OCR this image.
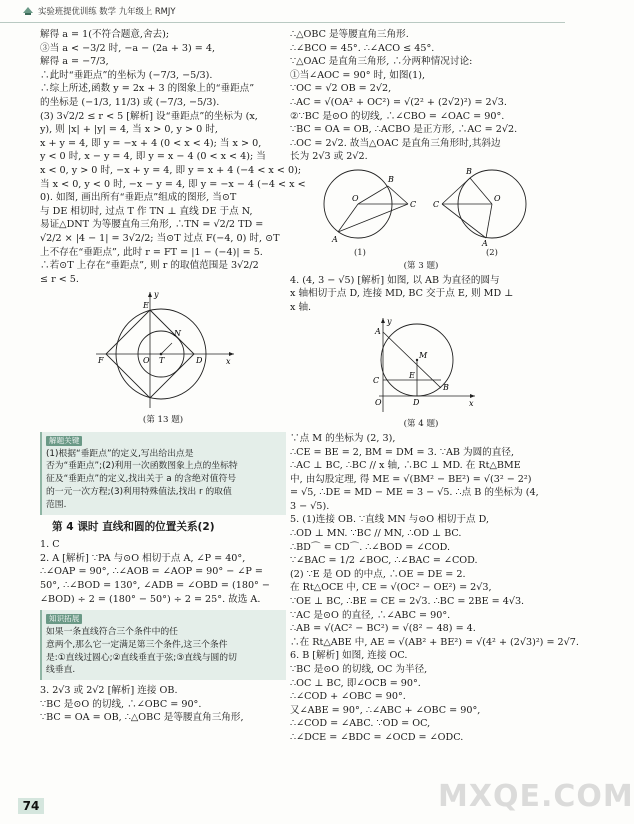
实验班提优训练 数学 九年级上 RMJY
解得 a = 1(不符合题意,舍去);
③当 a < −3/2 时, −a − (2a + 3) = 4,
解得 a = −7/3,
∴此时“垂距点”的坐标为 (−7/3, −5/3).
∴综上所述,函数 y = 2x + 3 的图象上的“垂距点”
的坐标是 (−1/3, 11/3) 或 (−7/3, −5/3).
(3) 3√2/2 ≤ r < 5 [解析] 设“垂距点”的坐标为 (x,
y), 则 |x| + |y| = 4, 当 x > 0, y > 0 时,
x + y = 4, 即 y = −x + 4 (0 < x < 4); 当 x > 0,
y < 0 时, x − y = 4, 即 y = x − 4 (0 < x < 4); 当
x < 0, y > 0 时, −x + y = 4, 即 y = x + 4 (−4 < x < 0);
当 x < 0, y < 0 时, −x − y = 4, 即 y = −x − 4 (−4 < x <
0). 如图, 画出所有“垂距点”组成的图形, 当⊙T
与 DE 相切时, 过点 T 作 TN ⊥ 直线 DE 于点 N,
易证△DNT 为等腰直角三角形, ∴TN = √2/2 TD =
√2/2 × |4 − 1| = 3√2/2; 当⊙T 过点 F(−4, 0) 时, ⊙T
上不存在“垂距点”, 此时 r = FT = |1 − (−4)| = 5.
∴若⊙T 上存在“垂距点”, 则 r 的取值范围是 3√2/2
≤ r < 5.
x
y
E
D
F
N
O T
(第 13 题)
解题关键
(1)根据“垂距点”的定义,写出给出点是
否为“垂距点”;(2)利用一次函数图象上点的坐标特
征及“垂距点”的定义,找出关于 a 的含绝对值符号
的一元一次方程;(3)利用特殊值法,找出 r 的取值
范围.
第 4 课时 直线和圆的位置关系(2)
1. C
2. A [解析] ∵PA 与⊙O 相切于点 A, ∠P = 40°,
∴∠OAP = 90°, ∴∠AOB = ∠AOP = 90° − ∠P =
50°, ∴∠BOD = 130°, ∠ADB = ∠OBD = (180° −
∠BOD) ÷ 2 = (180° − 50°) ÷ 2 = 25°. 故选 A.
知识拓展
如果一条直线符合三个条件中的任
意两个,那么它一定满足第三个条件,这三个条件
是:①直线过圆心;②直线垂直于弦;③直线与圆的切
线垂直.
3. 2√3 或 2√2 [解析] 连接 OB.
∵BC 是⊙O 的切线, ∴∠OBC = 90°.
∵BC = OA = OB, ∴△OBC 是等腰直角三角形,
∴△OBC 是等腰直角三角形.
∴∠BCO = 45°. ∴∠ACO ≤ 45°.
∵△OAC 是直角三角形, ∴分两种情况讨论:
①当∠AOC = 90° 时, 如图(1),
∵OC = √2 OB = 2√2,
∴AC = √(OA² + OC²) = √(2² + (2√2)²) = 2√3.
②∵BC 是⊙O 的切线, ∴∠CBO = ∠OAC = 90°.
∵BC = OA = OB, ∴ACBO 是正方形, ∴AC = 2√2.
∴OC = 2√2. 故当△OAC 是直角三角形时,其斜边
长为 2√3 或 2√2.
O
A
B
C
O
C
B
A
(1)	(2)
(第 3 题)
4. (4, 3 − √5) [解析] 如图, 以 AB 为直径的圆与
x 轴相切于点 D, 连接 MD, BC 交于点 E, 则 MD ⊥
x 轴.
M
A
C
E
B
D
O	x
y
(第 4 题)
∵点 M 的坐标为 (2, 3),
∴CE = BE = 2, BM = DM = 3. ∵AB 为圆的直径,
∴AC ⊥ BC, ∴BC // x 轴, ∴BC ⊥ MD. 在 Rt△BME
中, 由勾股定理, 得 ME = √(BM² − BE²) = √(3² − 2²)
= √5, ∴DE = MD − ME = 3 − √5. ∴点 B 的坐标为 (4,
3 − √5).
5. (1)连接 OB. ∵直线 MN 与⊙O 相切于点 D,
∴OD ⊥ MN. ∵BC // MN, ∴OD ⊥ BC.
∴BD⌒ = CD⌒. ∴∠BOD = ∠COD.
∵∠BAC = 1/2 ∠BOC, ∴∠BAC = ∠COD.
(2) ∵E 是 OD 的中点, ∴OE = DE = 2.
在 Rt△OCE 中, CE = √(OC² − OE²) = 2√3,
∵OE ⊥ BC, ∴BE = CE = 2√3. ∴BC = 2BE = 4√3.
∵AC 是⊙O 的直径, ∴∠ABC = 90°.
∴AB = √(AC² − BC²) = √(8² − 48) = 4.
∴在 Rt△ABE 中, AE = √(AB² + BE²) = √(4² + (2√3)²) = 2√7.
6. B [解析] 如图, 连接 OC.
∵BC 是⊙O 的切线, OC 为半径,
∴OC ⊥ BC, 即∠OCB = 90°.
∴∠COD + ∠OBC = 90°.
又∠ABE = 90°, ∴∠ABC + ∠OBC = 90°,
∴∠COD = ∠ABC. ∵OD = OC,
∴∠DCE = ∠BDC = ∠OCD = ∠ODC.
74	MXQE.COM
